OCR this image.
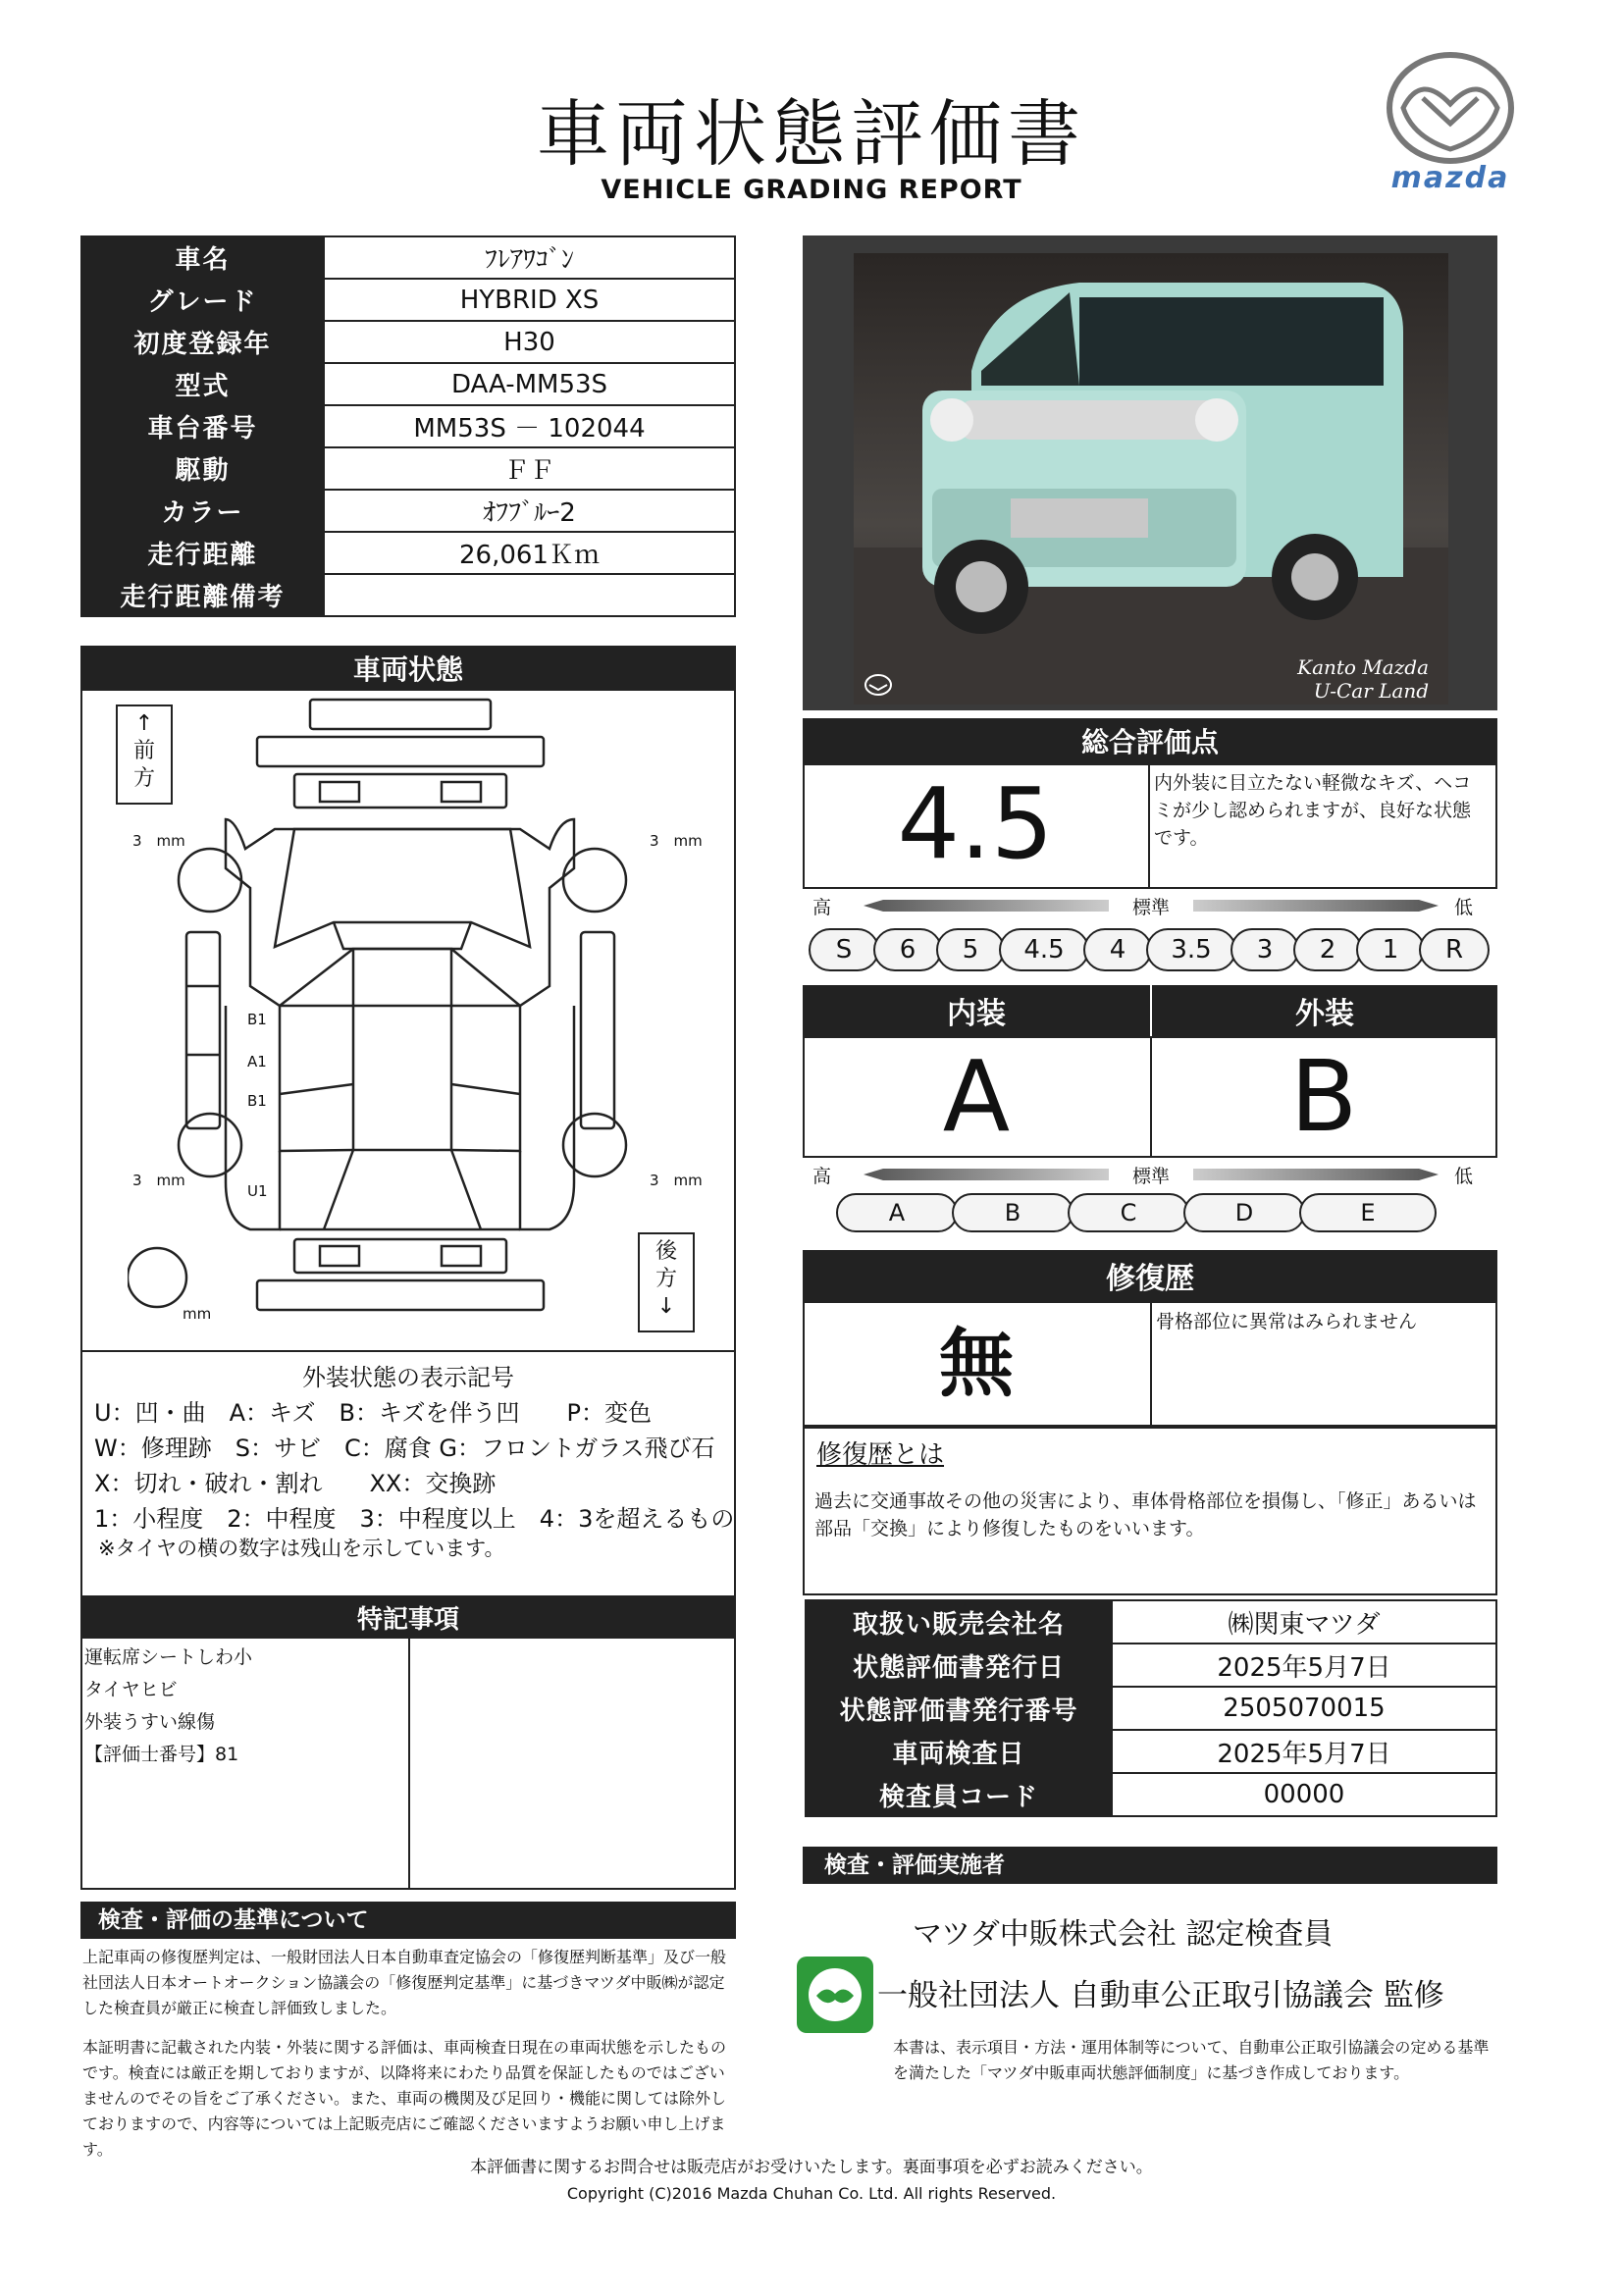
車両状態評価書
VEHICLE GRADING REPORT	mazda
車名	ﾌﾚｱﾜｺﾞﾝ
グレード	HYBRID XS
初度登録年	H30
型式	DAA-MM53S
車台番号	MM53S － 102044
駆動	ＦＦ
カラー	ｵﾌﾌﾞﾙｰ2
走行距離	26,061Ｋｍ
走行距離備考	
車両状態
↑
前
方
後
方
↓
3　mm	3　mm
3　mm	3　mm
mm
B1
A1
B1
U1
外装状態の表示記号
U：凹・曲　A：キズ　B：キズを伴う凹　　P：変色
W：修理跡　S：サビ　C：腐食 G：フロントガラス飛び石
X：切れ・破れ・割れ　　XX：交換跡
1：小程度　2：中程度　3：中程度以上　4：3を超えるもの
※タイヤの横の数字は残山を示しています。
特記事項
運転席シートしわ小
タイヤヒビ
外装うすい線傷
【評価士番号】81
検査・評価の基準について
上記車両の修復歴判定は、一般財団法人日本自動車査定協会の「修復歴判断基準」及び一般社団法人日本オートオークション協議会の「修復歴判定基準」に基づきマツダ中販㈱が認定した検査員が厳正に検査し評価致しました。
本証明書に記載された内装・外装に関する評価は、車両検査日現在の車両状態を示したものです。検査には厳正を期しておりますが、以降将来にわたり品質を保証したものではございませんのでその旨をご了承ください。また、車両の機関及び足回り・機能に関しては除外しておりますので、内容等については上記販売店にご確認くださいますようお願い申し上げます。
Kanto Mazda
U-Car Land
総合評価点
4.5	内外装に目立たない軽微なキズ、ヘコミが少し認められますが、良好な状態です。
高	標準	低
S	6	5	4.5	4	3.5	3	2	1	R
内装	外装
A	B
高	標準	低
A	B	C	D	E
修復歴
無	骨格部位に異常はみられません
修復歴とは
過去に交通事故その他の災害により、車体骨格部位を損傷し、「修正」あるいは部品「交換」により修復したものをいいます。
取扱い販売会社名	㈱関東マツダ
状態評価書発行日	2025年5月7日
状態評価書発行番号	2505070015
車両検査日	2025年5月7日
検査員コード	00000
検査・評価実施者
マツダ中販株式会社 認定検査員
一般社団法人 自動車公正取引協議会 監修
本書は、表示項目・方法・運用体制等について、自動車公正取引協議会の定める基準を満たした「マツダ中販車両状態評価制度」に基づき作成しております。
本評価書に関するお問合せは販売店がお受けいたします。裏面事項を必ずお読みください。
Copyright (C)2016 Mazda Chuhan Co. Ltd. All rights Reserved.
